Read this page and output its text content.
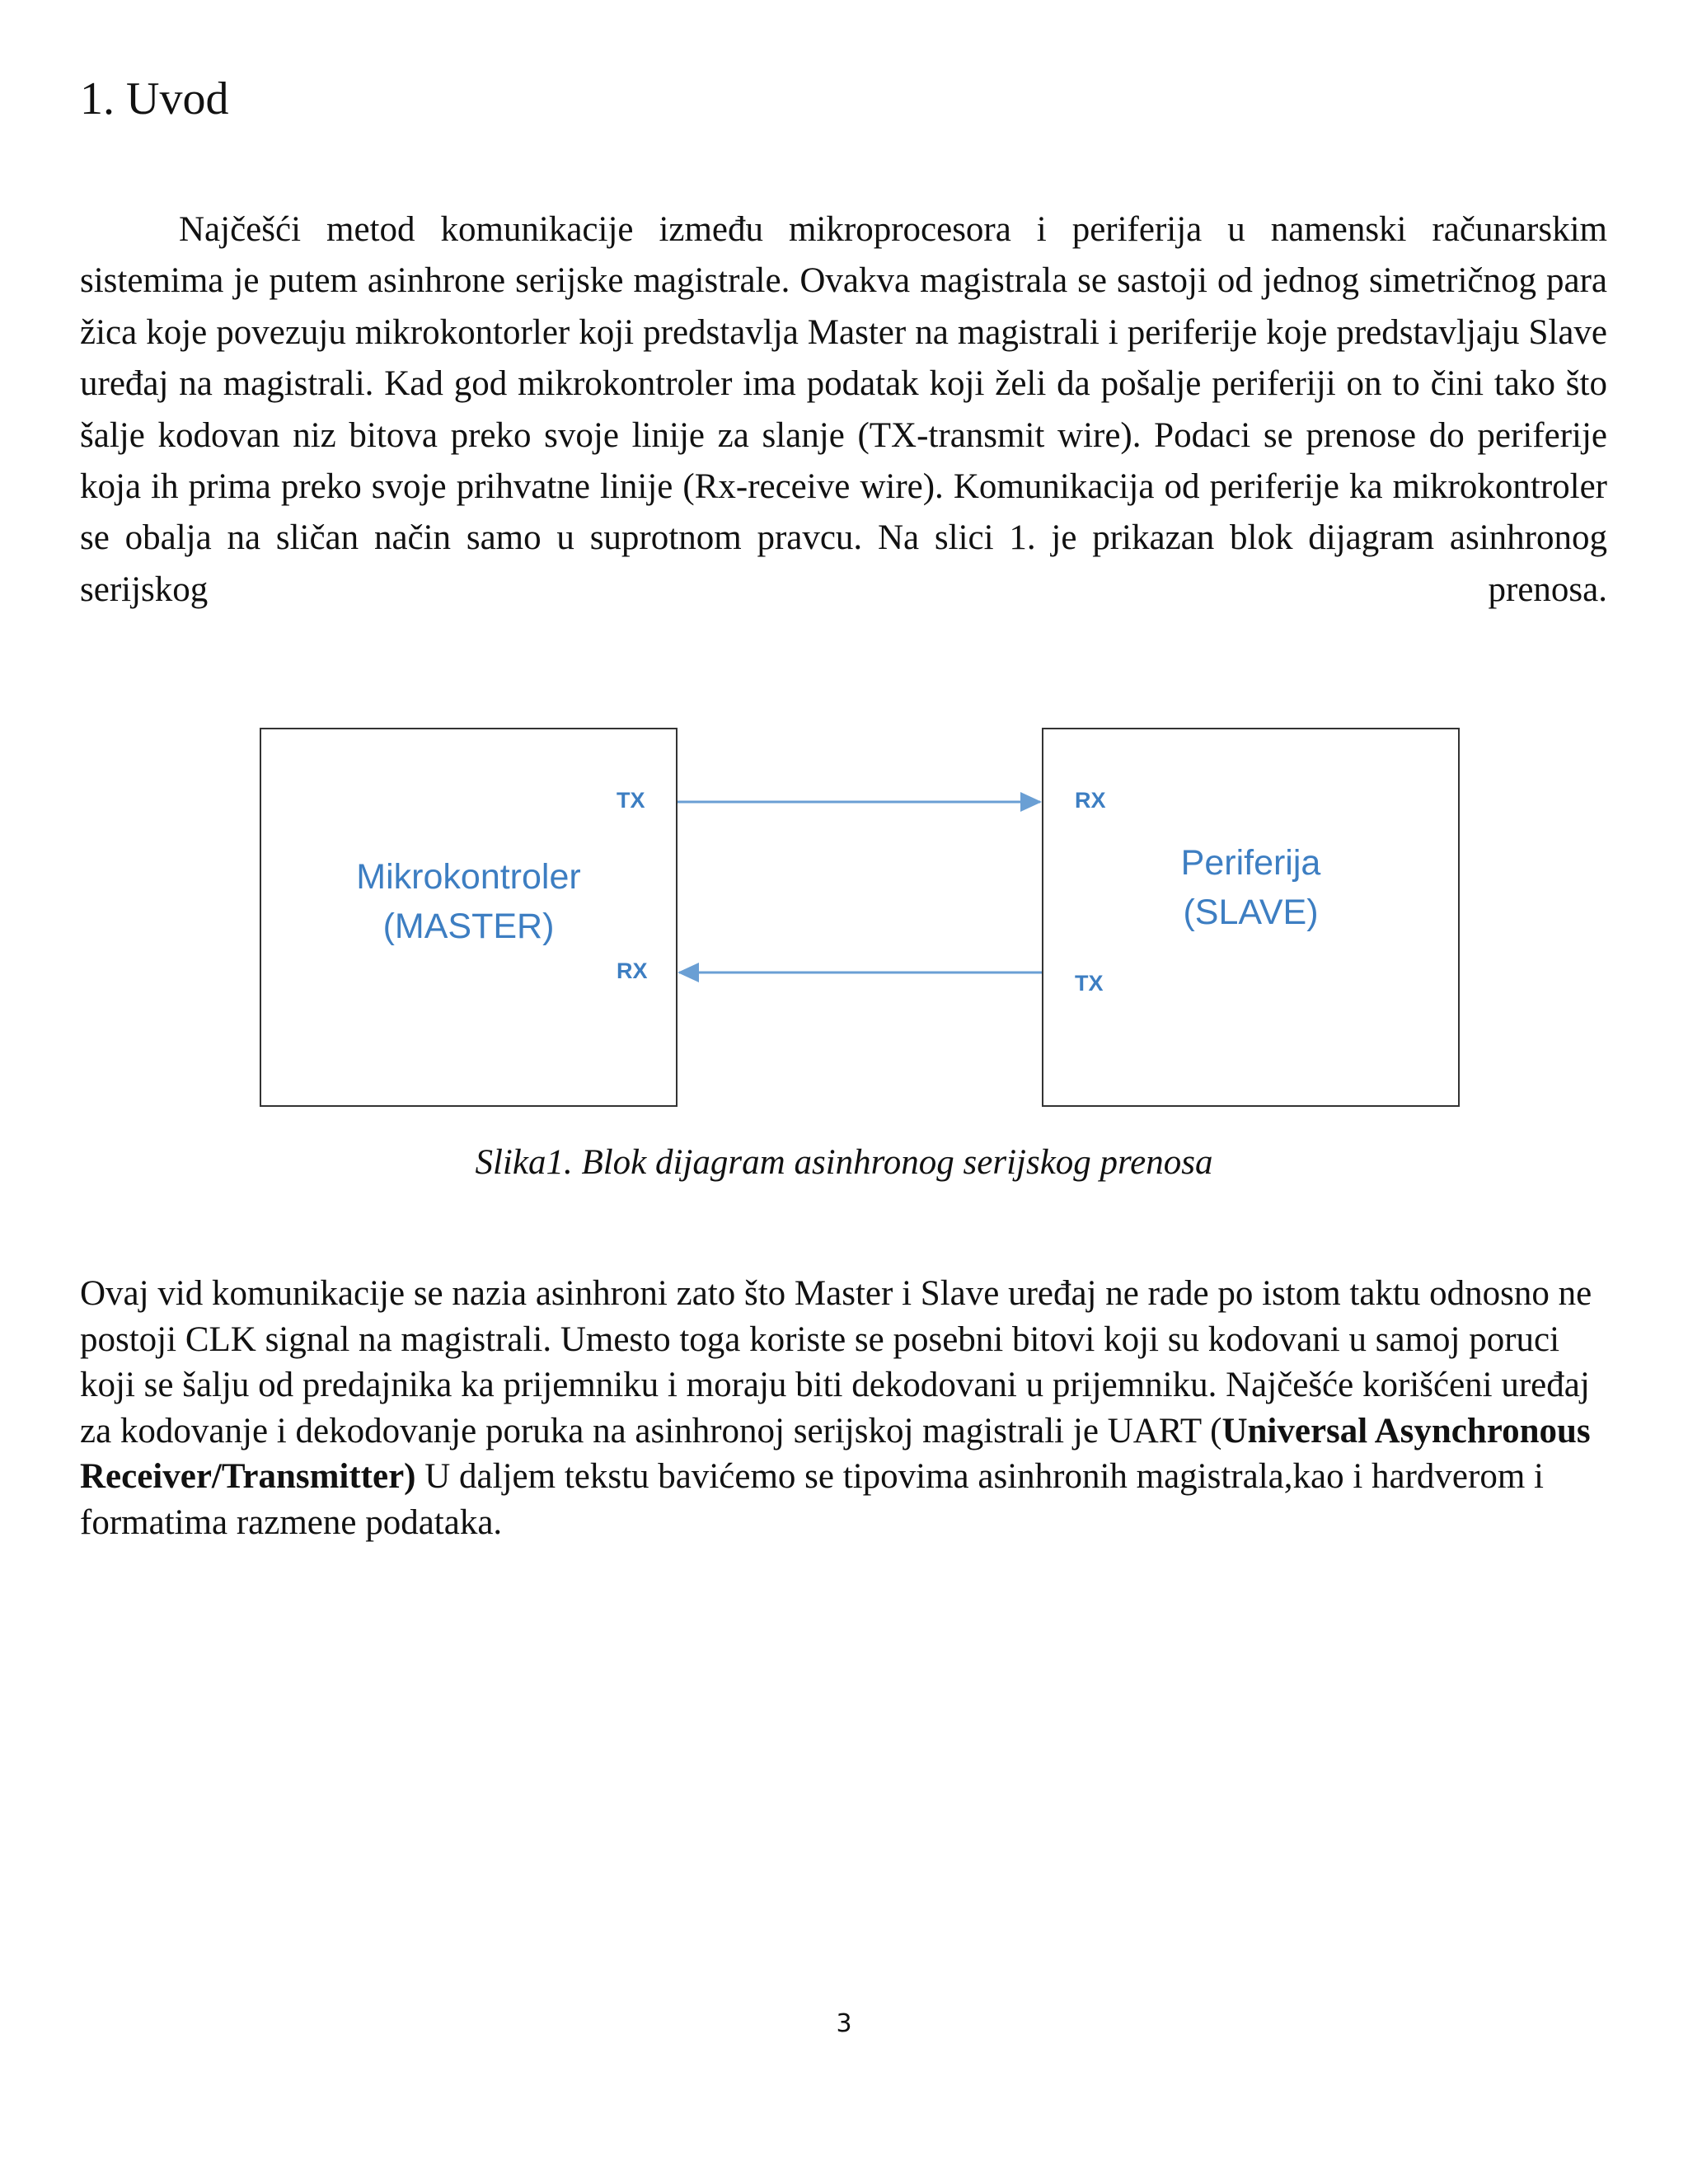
1. Uvod

Najčešći metod komunikacije između mikroprocesora i periferija u namenski računarskim sistemima je putem asinhrone serijske magistrale. Ovakva magistrala se sastoji od jednog simetričnog para žica koje povezuju mikrokontorler koji predstavlja Master na magistrali i periferije koje predstavljaju Slave uređaj na magistrali. Kad god mikrokontroler ima podatak koji želi da pošalje periferiji on to čini tako što šalje kodovan niz bitova preko svoje linije za slanje (TX-transmit wire). Podaci se prenose do periferije koja ih prima preko svoje prihvatne linije (Rx-receive wire). Komunikacija od periferije ka mikrokontroler se obalja na sličan način samo u suprotnom pravcu. Na slici 1. je prikazan blok dijagram asinhronog serijskog prenosa.

Mikrokontroler
(MASTER)
Periferija
(SLAVE)
TX
RX
RX
TX

Slika1. Blok dijagram asinhronog serijskog prenosa

Ovaj vid komunikacije se nazia asinhroni zato što Master i Slave uređaj ne rade po istom taktu odnosno ne postoji CLK signal na magistrali. Umesto toga koriste se posebni bitovi koji su kodovani u samoj poruci koji se šalju od predajnika ka prijemniku i moraju biti dekodovani u prijemniku. Najčešće korišćeni uređaj za kodovanje i dekodovanje poruka na asinhronoj serijskoj magistrali je UART (Universal Asynchronous Receiver/Transmitter) U daljem tekstu bavićemo se tipovima asinhronih magistrala,kao i hardverom i formatima razmene podataka.

3
